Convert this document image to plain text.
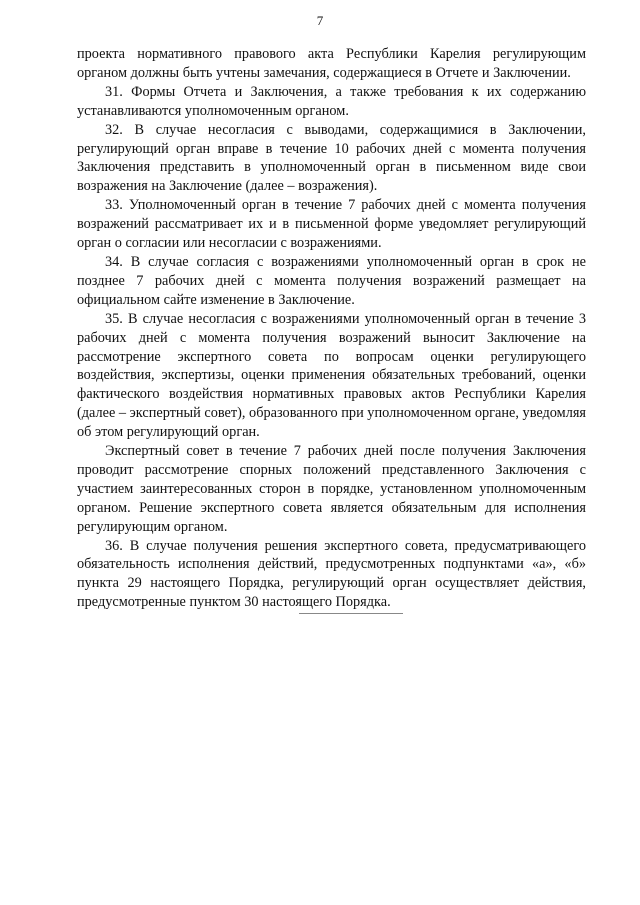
7

проекта нормативного правового акта Республики Карелия регулирующим органом должны быть учтены замечания, содержащиеся в Отчете и Заключении.

31. Формы Отчета и Заключения, а также требования к их содержанию устанавливаются уполномоченным органом.

32. В случае несогласия с выводами, содержащимися в Заключении, регулирующий орган вправе в течение 10 рабочих дней с момента получения Заключения представить в уполномоченный орган в письменном виде свои возражения на Заключение (далее – возражения).

33. Уполномоченный орган в течение 7 рабочих дней с момента получения возражений рассматривает их и в письменной форме уведомляет регулирующий орган о согласии или несогласии с возражениями.

34. В случае согласия с возражениями уполномоченный орган в срок не позднее 7 рабочих дней с момента получения возражений размещает на официальном сайте изменение в Заключение.

35. В случае несогласия с возражениями уполномоченный орган в течение 3 рабочих дней с момента получения возражений выносит Заключение на рассмотрение экспертного совета по вопросам оценки регулирующего воздействия, экспертизы, оценки применения обязательных требований, оценки фактического воздействия нормативных правовых актов Республики Карелия (далее – экспертный совет), образованного при уполномоченном органе, уведомляя об этом регулирующий орган.

Экспертный совет в течение 7 рабочих дней после получения Заключения проводит рассмотрение спорных положений представленного Заключения с участием заинтересованных сторон в порядке, установленном уполномоченным органом. Решение экспертного совета является обязательным для исполнения регулирующим органом.

36. В случае получения решения экспертного совета, предусматривающего обязательность исполнения действий, предусмотренных подпунктами «а», «б» пункта 29 настоящего Порядка, регулирующий орган осуществляет действия, предусмотренные пунктом 30 настоящего Порядка.
